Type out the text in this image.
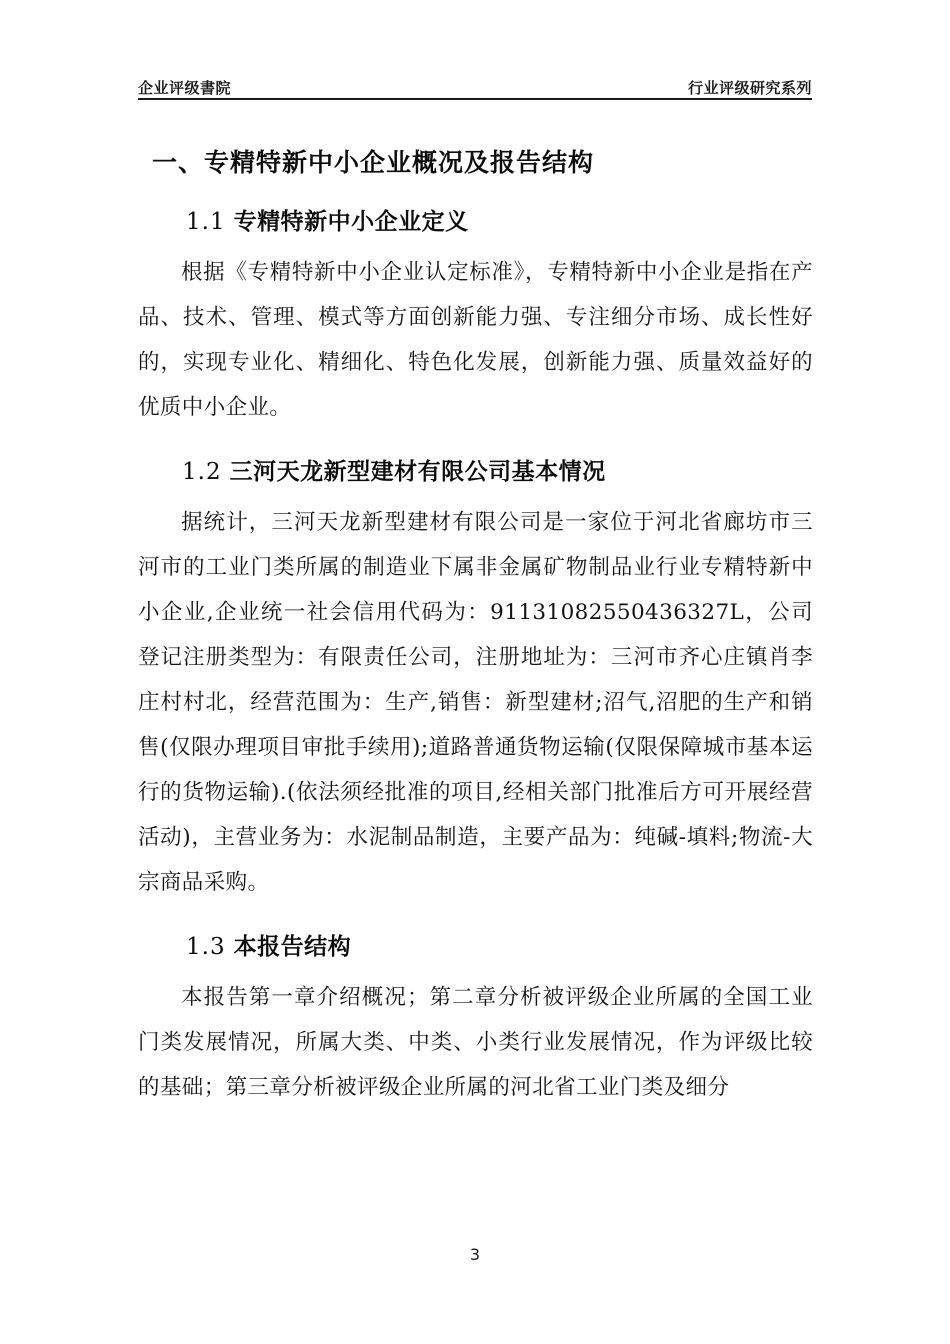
企业评级書院	行业评级研究系列
一、专精特新中小企业概况及报告结构
1.1 专精特新中小企业定义

根据《专精特新中小企业认定标准》，专精特新中小企业是指在产品、技术、管理、模式等方面创新能力强、专注细分市场、成长性好的，实现专业化、精细化、特色化发展，创新能力强、质量效益好的优质中小企业。

1.2 三河天龙新型建材有限公司基本情况

据统计，三河天龙新型建材有限公司是一家位于河北省廊坊市三河市的工业门类所属的制造业下属非金属矿物制品业行业专精特新中小企业,企业统一社会信用代码为：91131082550436327L，公司登记注册类型为：有限责任公司，注册地址为：三河市齐心庄镇肖李庄村村北，经营范围为：生产,销售：新型建材;沼气,沼肥的生产和销售(仅限办理项目审批手续用);道路普通货物运输(仅限保障城市基本运行的货物运输).(依法须经批准的项目,经相关部门批准后方可开展经营活动)，主营业务为：水泥制品制造，主要产品为：纯碱-填料;物流-大宗商品采购。

1.3 本报告结构

本报告第一章介绍概况；第二章分析被评级企业所属的全国工业门类发展情况，所属大类、中类、小类行业发展情况，作为评级比较的基础；第三章分析被评级企业所属的河北省工业门类及细分

3
